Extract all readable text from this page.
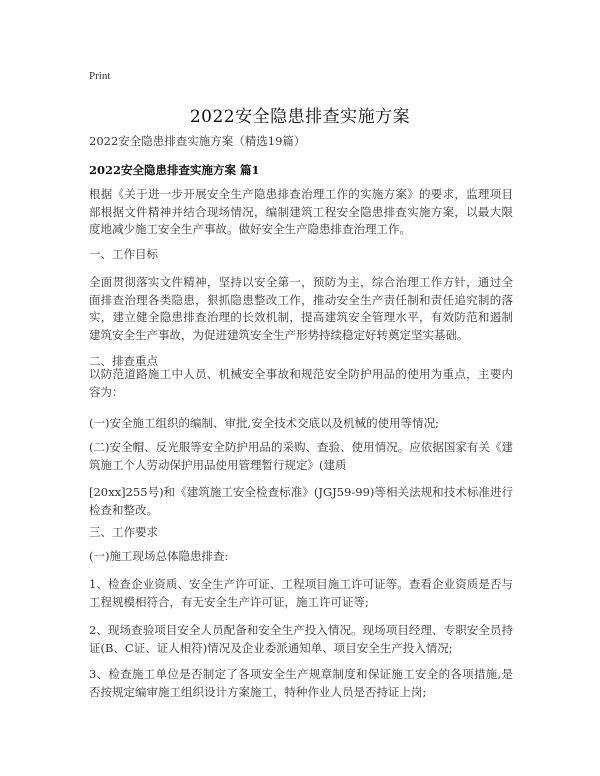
Print
2022安全隐患排查实施方案
2022安全隐患排查实施方案（精选19篇）
2022安全隐患排查实施方案 篇1

根据《关于进一步开展安全生产隐患排查治理工作的实施方案》的要求，监理项目部根据文件精神并结合现场情况，编制建筑工程安全隐患排查实施方案，以最大限度地减少施工安全生产事故。做好安全生产隐患排查治理工作。

一、工作目标

全面贯彻落实文件精神，坚持以安全第一，预防为主，综合治理工作方针，通过全面排查治理各类隐患，狠抓隐患整改工作，推动安全生产责任制和责任追究制的落实，建立健全隐患排查治理的长效机制，提高建筑安全管理水平，有效防范和遏制建筑安全生产事故，为促进建筑安全生产形势持续稳定好转奠定坚实基础。

二、排查重点

以防范道路施工中人员、机械安全事故和规范安全防护用品的使用为重点，主要内容为：

(一)安全施工组织的编制、审批,安全技术交底以及机械的使用等情况;

(二)安全帽、反光服等安全防护用品的采购、查验、使用情况。应依据国家有关《建筑施工个人劳动保护用品使用管理暂行规定》(建质

[20xx]255号)和《建筑施工安全检查标准》(JGJ59-99)等相关法规和技术标准进行检查和整改。

三、工作要求

(一)施工现场总体隐患排查:

1、检查企业资质、安全生产许可证、工程项目施工许可证等。查看企业资质是否与工程规模相符合，有无安全生产许可证，施工许可证等;

2、现场查验项目安全人员配备和安全生产投入情况。现场项目经理、专职安全员持证(B、C证、证人相符)情况及企业委派通知单、项目安全生产投入情况;

3、检查施工单位是否制定了各项安全生产规章制度和保证施工安全的各项措施,是否按规定编审施工组织设计方案施工，特种作业人员是否持证上岗;
